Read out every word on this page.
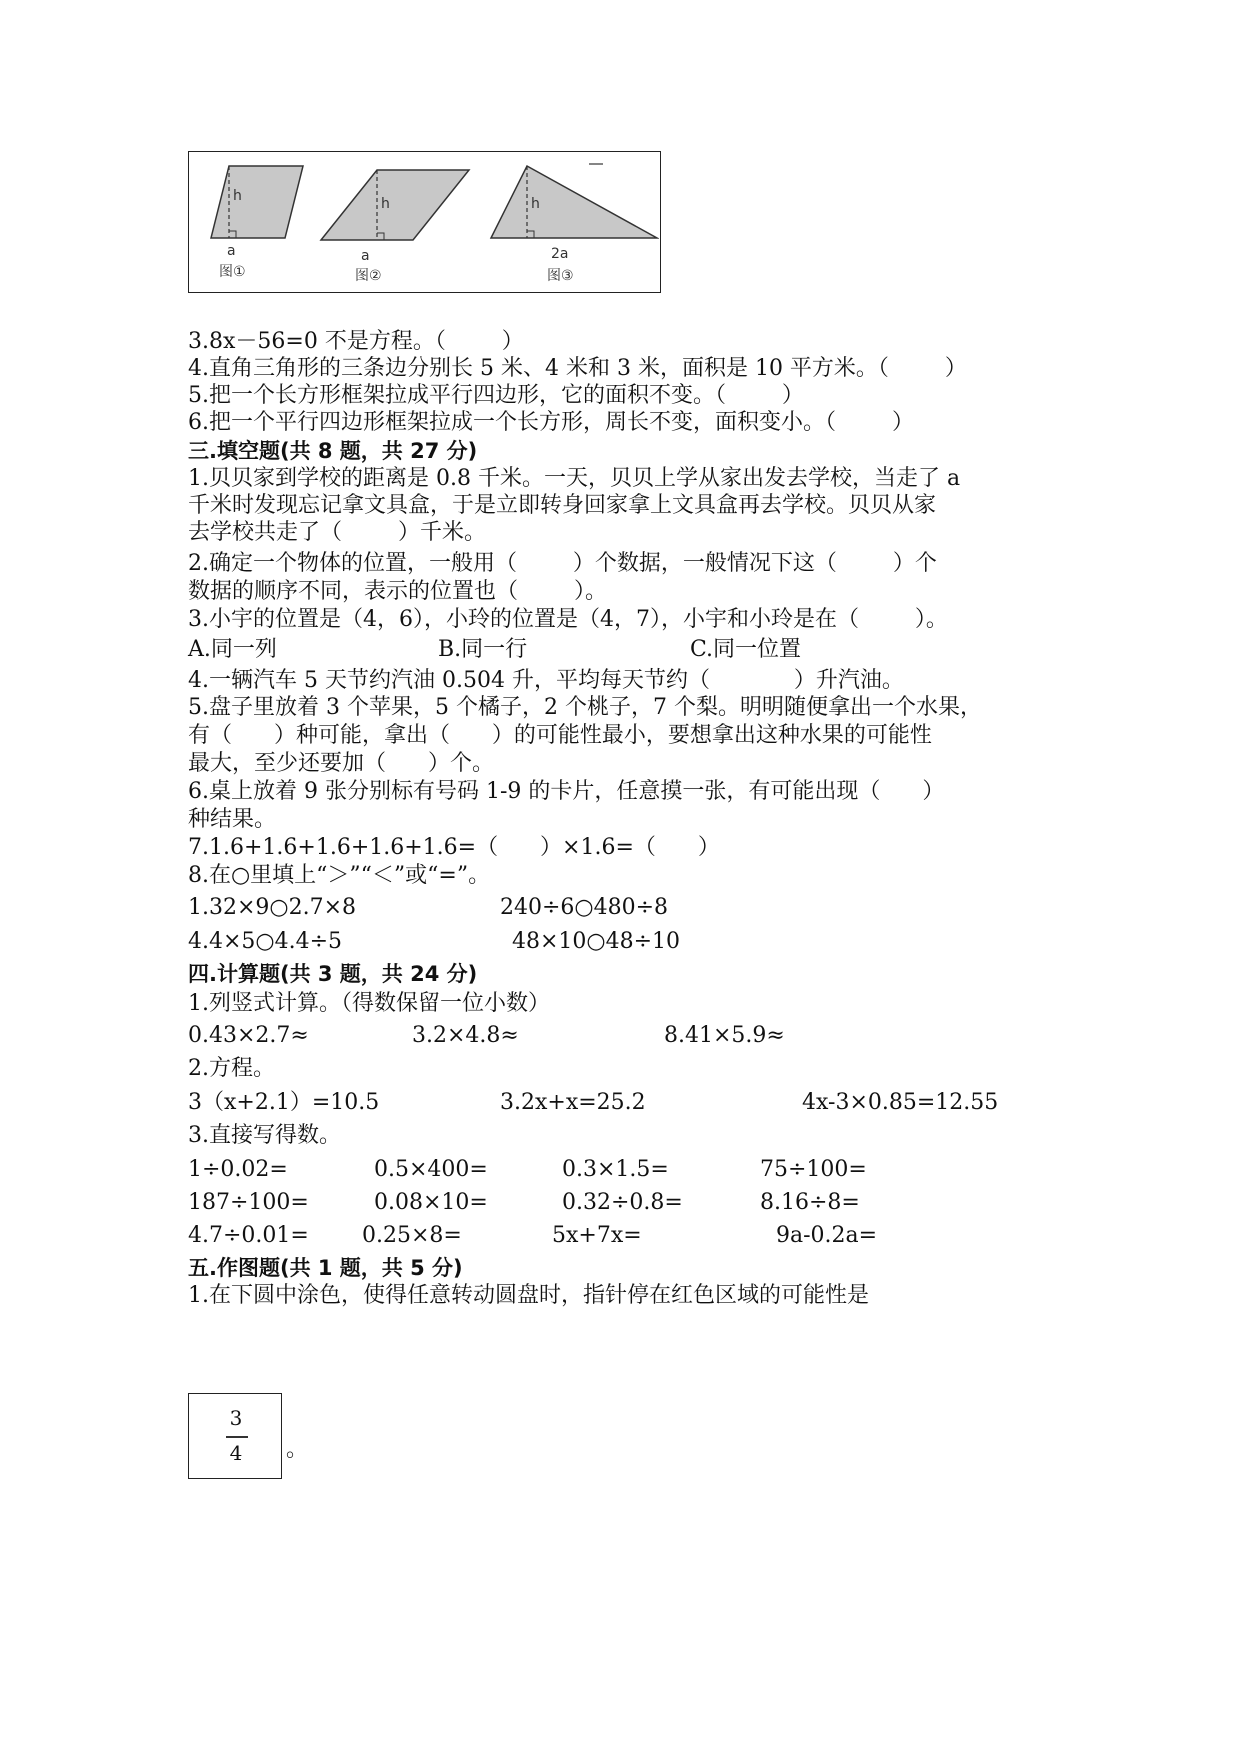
h
a
图①
h
a
图②
h
2a
图③
3.8x－56=0 不是方程。（        ）
4.直角三角形的三条边分别长 5 米、4 米和 3 米，面积是 10 平方米。（        ）
5.把一个长方形框架拉成平行四边形，它的面积不变。（        ）
6.把一个平行四边形框架拉成一个长方形，周长不变，面积变小。（        ）
三.填空题(共 8 题，共 27 分)
1.贝贝家到学校的距离是 0.8 千米。一天，贝贝上学从家出发去学校，当走了 a
千米时发现忘记拿文具盒，于是立即转身回家拿上文具盒再去学校。贝贝从家
去学校共走了（        ）千米。
2.确定一个物体的位置，一般用（        ）个数据，一般情况下这（        ）个
数据的顺序不同，表示的位置也（        ）。
3.小宇的位置是（4，6），小玲的位置是（4，7），小宇和小玲是在（        ）。
A.同一列	B.同一行	C.同一位置
4.一辆汽车 5 天节约汽油 0.504 升，平均每天节约（            ）升汽油。
5.盘子里放着 3 个苹果，5 个橘子，2 个桃子，7 个梨。明明随便拿出一个水果，
有（      ）种可能，拿出（      ）的可能性最小，要想拿出这种水果的可能性
最大，至少还要加（      ）个。
6.桌上放着 9 张分别标有号码 1-9 的卡片，任意摸一张，有可能出现（      ）
种结果。
7.1.6+1.6+1.6+1.6+1.6=（      ）×1.6=（      ）
8.在○里填上“＞”“＜”或“=”。
1.32×9○2.7×8	240÷6○480÷8
4.4×5○4.4÷5	48×10○48÷10
四.计算题(共 3 题，共 24 分)
1.列竖式计算。（得数保留一位小数）
0.43×2.7≈	3.2×4.8≈	8.41×5.9≈
2.方程。
3（x+2.1）=10.5	3.2x+x=25.2	4x-3×0.85=12.55
3.直接写得数。
1÷0.02=	0.5×400=	0.3×1.5=	75÷100=
187÷100=	0.08×10=	0.32÷0.8=	8.16÷8=
4.7÷0.01= 0.25×8=	5x+7x=	9a-0.2a=
五.作图题(共 1 题，共 5 分)
1.在下圆中涂色，使得任意转动圆盘时，指针停在红色区域的可能性是
3
4	。
